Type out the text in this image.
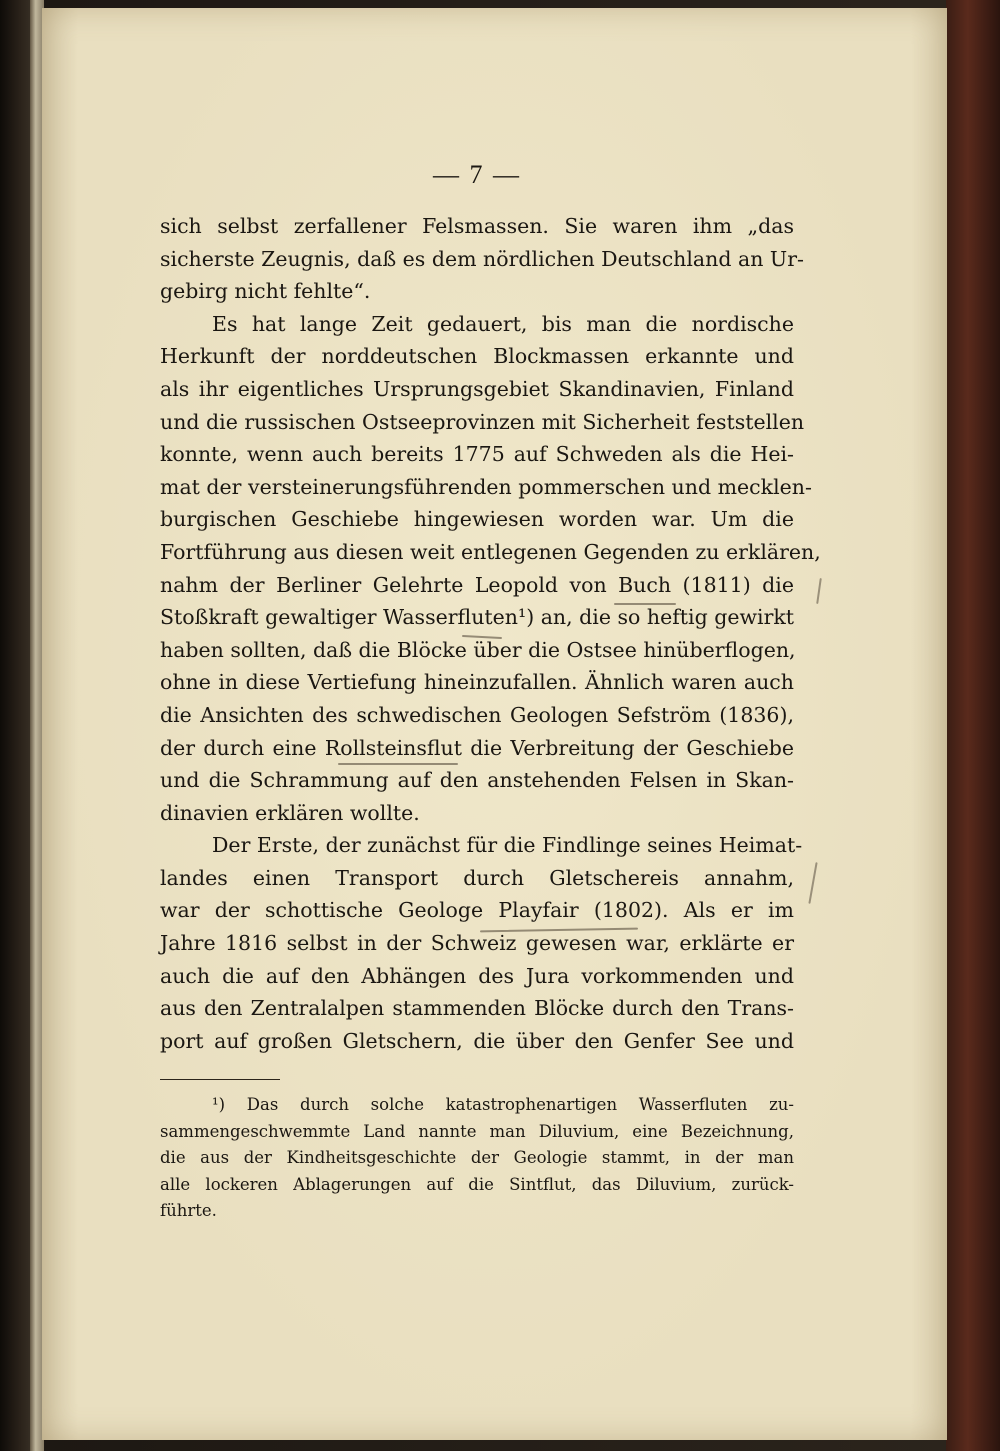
— 7 —
sich selbst zerfallener Felsmassen. Sie waren ihm „das
sicherste Zeugnis, daß es dem nördlichen Deutschland an Ur-
gebirg nicht fehlte“.
Es hat lange Zeit gedauert, bis man die nordische
Herkunft der norddeutschen Blockmassen erkannte und
als ihr eigentliches Ursprungsgebiet Skandinavien, Finland
und die russischen Ostseeprovinzen mit Sicherheit feststellen
konnte, wenn auch bereits 1775 auf Schweden als die Hei-
mat der versteinerungsführenden pommerschen und mecklen-
burgischen Geschiebe hingewiesen worden war. Um die
Fortführung aus diesen weit entlegenen Gegenden zu erklären,
nahm der Berliner Gelehrte Leopold von Buch (1811) die
Stoßkraft gewaltiger Wasserfluten¹) an, die so heftig gewirkt
haben sollten, daß die Blöcke über die Ostsee hinüberflogen,
ohne in diese Vertiefung hineinzufallen. Ähnlich waren auch
die Ansichten des schwedischen Geologen Sefström (1836),
der durch eine Rollsteinsflut die Verbreitung der Geschiebe
und die Schrammung auf den anstehenden Felsen in Skan-
dinavien erklären wollte.
Der Erste, der zunächst für die Findlinge seines Heimat-
landes einen Transport durch Gletschereis annahm,
war der schottische Geologe Playfair (1802). Als er im
Jahre 1816 selbst in der Schweiz gewesen war, erklärte er
auch die auf den Abhängen des Jura vorkommenden und
aus den Zentralalpen stammenden Blöcke durch den Trans-
port auf großen Gletschern, die über den Genfer See und
¹) Das durch solche katastrophenartigen Wasserfluten zu-
sammengeschwemmte Land nannte man Diluvium, eine Bezeichnung,
die aus der Kindheitsgeschichte der Geologie stammt, in der man
alle lockeren Ablagerungen auf die Sintflut, das Diluvium, zurück-
führte.
